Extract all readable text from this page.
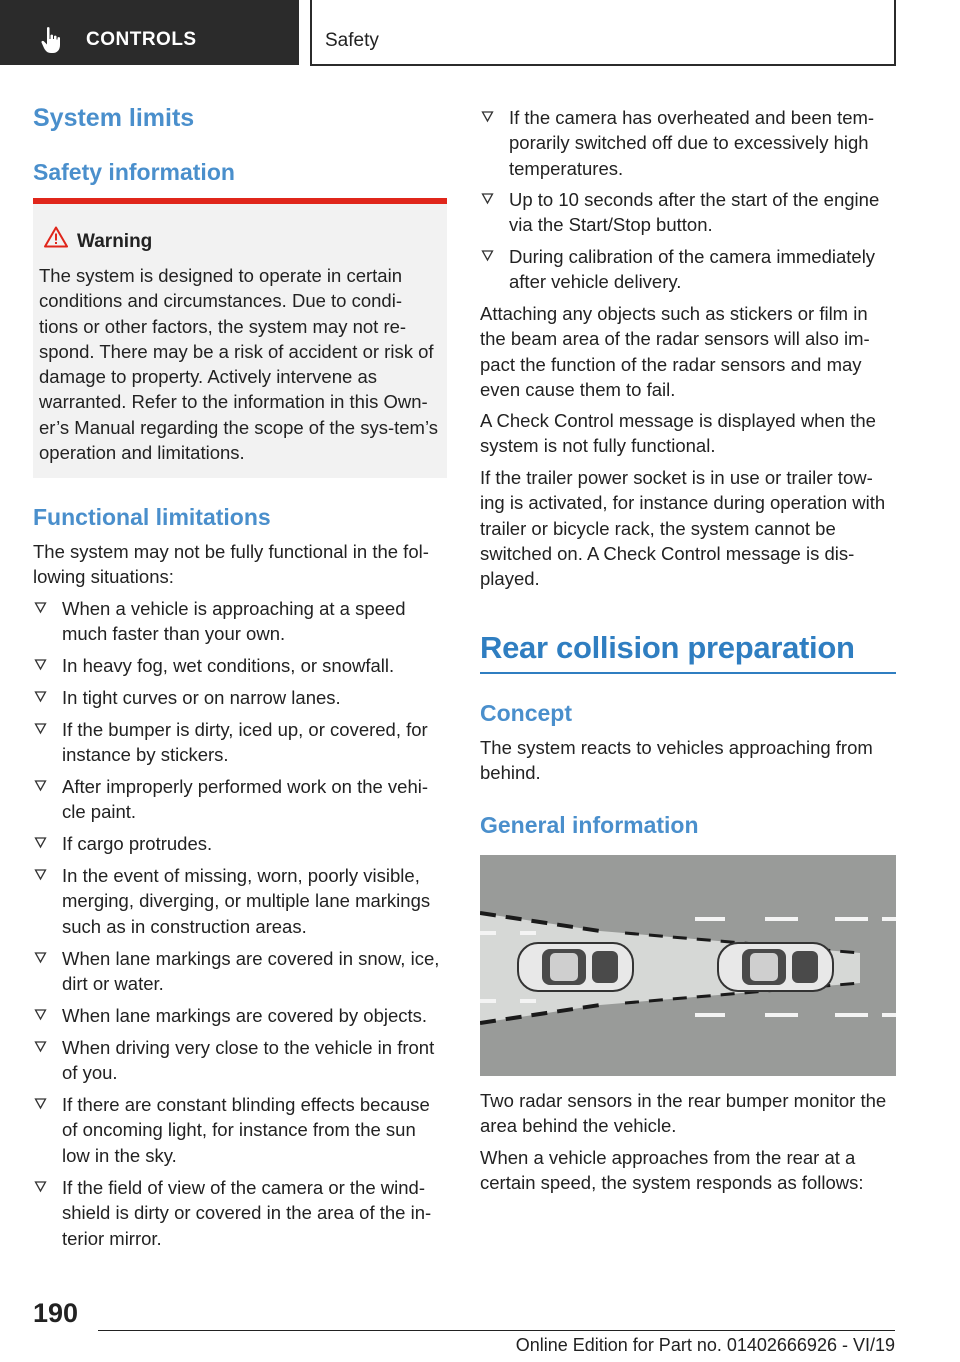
CONTROLS	Safety
System limits
Safety information
Warning
The system is designed to operate in certain conditions and circumstances. Due to condi‐tions or other factors, the system may not re‐spond. There may be a risk of accident or risk of damage to property. Actively intervene as warranted. Refer to the information in this Own‐er’s Manual regarding the scope of the sys‐tem’s operation and limitations.
Functional limitations
The system may not be fully functional in the fol‐lowing situations:
When a vehicle is approaching at a speed much faster than your own.
In heavy fog, wet conditions, or snowfall.
In tight curves or on narrow lanes.
If the bumper is dirty, iced up, or covered, for instance by stickers.
After improperly performed work on the vehi‐cle paint.
If cargo protrudes.
In the event of missing, worn, poorly visible, merging, diverging, or multiple lane markings such as in construction areas.
When lane markings are covered in snow, ice, dirt or water.
When lane markings are covered by objects.
When driving very close to the vehicle in front of you.
If there are constant blinding effects because of oncoming light, for instance from the sun low in the sky.
If the field of view of the camera or the wind‐shield is dirty or covered in the area of the in‐terior mirror.
If the camera has overheated and been tem‐porarily switched off due to excessively high temperatures.
Up to 10 seconds after the start of the engine via the Start/Stop button.
During calibration of the camera immediately after vehicle delivery.
Attaching any objects such as stickers or film in the beam area of the radar sensors will also im‐pact the function of the radar sensors and may even cause them to fail.
A Check Control message is displayed when the system is not fully functional.
If the trailer power socket is in use or trailer tow‐ing is activated, for instance during operation with trailer or bicycle rack, the system cannot be switched on. A Check Control message is dis‐played.
Rear collision preparation
Concept
The system reacts to vehicles approaching from behind.
General information
Two radar sensors in the rear bumper monitor the area behind the vehicle.
When a vehicle approaches from the rear at a certain speed, the system responds as follows:
190
Online Edition for Part no. 01402666926 - VI/19
